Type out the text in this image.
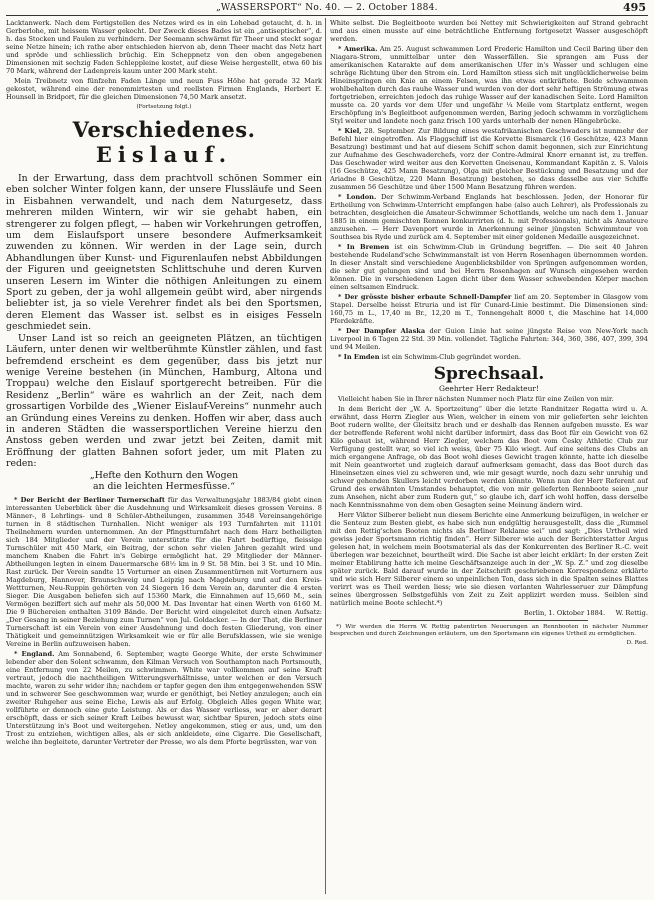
„WASSERSPORT“ No. 40. — 2. October 1884.	495

Lacktanwerk. Nach dem Fertigstellen des Netzes wird es in ein Lohebad getaucht, d. h. in Gerberlohe, mit heissem Wasser gekocht. Der Zweck dieses Bades ist ein „antiseptischer“, d. h. das Stocken und Faulen zu verhindern. Der Seemann schwärmt für Theer und steckt sogar seine Netze hinein; ich rathe aber entschieden hiervon ab, denn Theer macht das Netz hart und spröde und schliesslich brüchig. Ein Scheppnetz von den oben angegebenen Dimensionen mit sechzig Faden Schleppleine kostet, auf diese Weise hergestellt, etwa 60 bis 70 Mark, während der Ladenpreis kaum unter 200 Mark steht.

Mein Treibnetz von fünfzehn Faden Länge und neun Fuss Höhe hat gerade 32 Mark gekostet, während eine der renommirtesten und reellsten Firmen Englands, Herbert E. Hounsell in Bridport, für die gleichen Dimensionen 74,50 Mark ansetzt.

(Fortsetzung folgt.)
Verschiedenes.
Eislauf.

In der Erwartung, dass dem prachtvoll schönen Sommer ein eben solcher Winter folgen kann, der unsere Flussläufe und Seen in Eisbahnen verwandelt, und nach dem Naturgesetz, dass mehreren milden Wintern, wir wir sie gehabt haben, ein strengerer zu folgen pflegt, — haben wir Vorkehrungen getroffen, um dem Eislaufsport unsere besondere Aufmerksamkeit zuwenden zu können. Wir werden in der Lage sein, durch Abhandlungen über Kunst- und Figurenlaufen nebst Abbildungen der Figuren und geeignetsten Schlittschuhe und deren Kurven unseren Lesern im Winter die nöthigen Anleitungen zu einem Sport zu geben, der ja wohl allgemein geübt wird, aber nirgends beliebter ist, ja so viele Verehrer findet als bei den Sportsmen, deren Element das Wasser ist. selbst es in eisiges Fesseln geschmiedet sein.

Unser Land ist so reich an geeigneten Plätzen, an tüchtigen Läufern, unter denen wir weltberühmte Künstler zählen, und fast befremdend erscheint es dem gegenüber, dass bis jetzt nur wenige Vereine bestehen (in München, Hamburg, Altona und Troppau) welche den Eislauf sportgerecht betreiben. Für die Residenz „Berlin“ wäre es wahrlich an der Zeit, nach dem grossartigen Vorbilde des „Wiener Eislauf-Vereins“ nunmehr auch an Gründung eines Vereins zu denken. Hoffen wir aber, dass auch in anderen Städten die wassersportlichen Vereine hierzu den Anstoss geben werden und zwar jetzt bei Zeiten, damit mit Eröffnung der glatten Bahnen sofort jeder, um mit Platen zu reden:

„Hefte den Kothurn den Wogen
an die leichten Hermesfüsse.“

* Der Bericht der Berliner Turnerschaft für das Verwaltungsjahr 1883/84 giebt einen interessanten Ueberblick über die Ausdehnung und Wirksamkeit dieses grossen Vereins. 8 Männer-, 8 Lehrlings- und 8 Schüler-Abtheilungen, zusammen 3548 Vereinsangehörige turnen in 8 städtischen Turnhallen. Nicht weniger als 193 Turnfahrten mit 11101 Theilnehmern wurden unternommen. An der Pfingstturnfahrt nach dem Harz betheiligten sich 184 Mitglieder und der Verein unterstützte für die Fahrt bedürftige, fleissige Turnschüler mit 450 Mark, ein Beitrag, der schon sehr vielen Jahren gezahlt wird und manchem Knaben die Fahrt in's Gebirge ermöglicht hat. 29 Mitglieder der Männer-Abtheilungen legten in einem Dauermarsche 68½ km in 9 St. 58 Min. bei 3 St. und 10 Min. Rast zurück. Der Verein sandte 15 Vorturner an einen Zusammentürnen mit Vorturnern aus Magdeburg, Hannover, Braunschweig und Leipzig nach Magdeburg und auf den Kreis-Wettturnen, Neu-Ruppin gehörten von 24 Siegern 16 dem Verein an, darunter die 4 ersten Sieger. Die Ausgaben beliefen sich auf 15360 Mark, die Einnahmen auf 15,660 M., sein Vermögen beziffert sich auf mehr als 50,000 M. Das Inventar hat einen Werth von 6160 M. Die 9 Büchereien enthalten 3109 Bände. Der Bericht wird eingeleitet durch einen Aufsatz: „Der Gesang in seiner Beziehung zum Turnen“ von Jul. Goldacker. — In der That, die Berliner Turnerschaft ist ein Verein von einer Ausdehnung und doch festen Gliederung, von einer Thätigkeit und gemeinnützigen Wirksamkeit wie er für alle Berufsklassen, wie sie wenige Vereine in Berlin aufzuweisen haben.

* England. Am Sonnabend, 6. September, wagte George White, der erste Schwimmer lebender aber den Solent schwamm, den Kilman Versuch von Southampton nach Portsmouth, eine Entfernung von 22 Meilen, zu schwimmen. White war vollkommen auf seine Kraft vertraut, jedoch die nachtheiligen Witterungsverhältnisse, unter welchen er den Versuch machte, waren zu sehr wider ihn; nachdem er tapfer gegen den ihm entgegenwehenden SSW und in schwerer See geschwommen war, wurde er genöthigt, bei Netley anzulegen; auch ein zweiter Ruhgeher aus seine Eiche, Lewis als auf Erfolg. Obgleich Alles gegen White war, vollführte er dennoch eine gute Leistung. Als er das Wasser verliess, war er aber derart erschöpft, dass er sich seiner Kraft Leibes bewusst war, sichtbar Spuren, jedoch stets eine Unterstützung in's Boot und weitergehen. Netley angekommen, stieg er aus, und, um den Trost zu entziehen, wichtigen alles, als er sich ankleidete, eine Cigarre. Die Gesellschaft, welche ihn begleitete, darunter Vertreter der Presse, wo als dem Pforte begrüssten, war von

White selbst. Die Begleitboote wurden bei Nettey mit Schwierigkeiten auf Strand gebracht und aus einen musste auf eine beträchtliche Entfernung fortgesetzt Wasser ausgeschöpft werden.

* Amerika. Am 25. August schwammen Lord Frederic Hamilton und Cecil Baring über den Niagara-Strom, unmittelbar unter den Wasserfällen. Sie sprangen am Fuss der amerikanischen Katarakte auf dem amerikanischen Ufer in's Wasser und schlugen eine schräge Richtung über den Strom ein. Lord Hamilton stiess sich mit unglücklicherweise beim Hineinspringen ein Knie an einem Felsen, was ihn etwas entkräftete. Beide schwammen wohlbehalten durch das rauhe Wasser und wurden von der dort sehr heftigen Strömung etwas fortgetrieben, erreichten jedoch das ruhige Wasser auf der kanadischen Seite. Lord Hamilton musste ca. 20 yards vor dem Ufer und ungefähr ¼ Meile vom Startplatz entfernt, wegen Erschöpfung in's Begleitboot aufgenommen werden, Baring jedoch schwamm in vorzüglichem Styl weiter und landete noch ganz frisch 100 yards unterhalb der nenen Hängebrücke.

* Kiel, 28. September. Zur Bildung eines westafrikanischen Geschwaders ist nunmehr der Befehl hier eingetroffen. Als Flaggschiff ist die Korvette Bismarck (16 Geschütze, 423 Mann Besatzung) bestimmt und hat auf diesem Schiff schon damit begonnen, sich zur Einrichtung zur Aufnahme des Geschwaderchefs, vorz der Contre-Admiral Knorr ernannt ist, zu treffen. Das Geschwader wird weiter aus den Korvetten Gneisenau, Kommandant Kapitän z. S. Valois (16 Geschütze, 425 Mann Besatzung), Olga mit gleicher Bestückung und Besatzung und der Ariadne 8 Geschütze, 220 Mann Besatzung) bestehen, so dass dasselbe aus vier Schiffe zusammen 56 Geschütze und über 1500 Mann Besatzung führen werden.

* London. Der Schwimm-Verband Englands hat beschlossen. Jeden, der Honorar für Ertheilung von Schwimm-Unterricht empfangen habe (also auch Lehrer), als Professionals zu betrachten, desgleichen die Amateur-Schwimmer Schottlands, welche um nach dem 1. Januar 1885 in einem gemischten Rennen konkurrirten (d. h. mit Professionals), nicht als Amateure anzusehen. — Herr Davenport wurde in Anerkennung seiner jüngsten Schwimmtour von Southsea bis Ryde und zurück am 4. September mit einer goldenen Medaille ausgezeichnet.

* In Bremen ist ein Schwimm-Club in Gründung begriffen. — Die seit 40 Jahren bestehende Rudeland'sche Schwimmanstalt ist von Herrn Rosenhagen übernommen worden. In dieser Anstalt sind verschiedene Augenblicksbilder von Sprüngen aufgenommen worden, die sehr gut gelungen sind und bei Herrn Rosenhagen auf Wunsch eingesehen werden können. Die in verschiedenen Lagen dicht über dem Wasser schwebenden Körper machen einen seltsamen Eindruck.

* Der grösste bisher erbaute Schnell-Dampfer lief am 20. September in Glasgow vom Stapel. Derselbe heisst Etruria und ist für Cunard-Linie bestimmt. Die Dimensionen sind: 160,75 m L., 17,40 m Br., 12,20 m T., Tonnengehalt 8000 t, die Maschine hat 14,000 Pferdekräfte.

* Der Dampfer Alaska der Guion Linie hat seine jüngste Reise von New-York nach Liverpool in 6 Tagen 22 Std. 39 Min. vollendet. Tägliche Fahrten: 344, 360, 386, 407, 399, 394 und 94 Meilen.

* In Emden ist ein Schwimm-Club gegründet worden.

Sprechsaal.
Geehrter Herr Redakteur!

Vielleicht haben Sie in Ihrer nächsten Nummer noch Platz für eine Zeilen von mir.

In dem Bericht der „W. A. Sportzeitung“ über die letzte Randnitzer Regatta wird u. A. erwähnt, dass Herrn Ziegler aus Wien, welcher in einem von mir gelieferten sehr leichten Boot rudern wollte, der Gleitsitz brach und er deshalb das Rennen aufgeben musste. Es war der betreffende Referent wohl nicht darüber informirt, dass das Boot für ein Gewicht von 62 Kilo gebaut ist, während Herr Ziegler, welchem das Boot vom Česky Athletic Club zur Verfügung gestellt war, so viel ich weiss, über 75 Kilo wiegt. Auf eine seitens des Clubs an mich ergangene Anfrage, ob das Boot wohl dieses Gewicht tragen könnte, hatte ich dieselbe mit Nein geantwortet und zugleich darauf aufmerksam gemacht, dass das Boot durch das Hineinsetzen eines viel zu schweren und, wie mir gesagt wurde, noch dazu sehr unruhig und schwer gehenden Skullers leicht verdorben werden könnte. Wenn nun der Herr Referent auf Grund des erwähnten Umstandes behauptet, die von mir gelieferten Rennboote seien „nur zum Ansehen, nicht aber zum Rudern gut,“ so glaube ich, darf ich wohl hoffen, dass derselbe nach Kenntnissnahme von dem oben Gesagten seine Meinung ändern wird.

Herr Viktor Silberer beliebt nun diesem Berichte eine Anmerkung beizufügen, in welcher er die Senteuz zum Besten giebt, es habe sich nun endgültig herausgestellt, dass die „Rummel mit den Rettig'schen Booten nichts als Berliner Reklame sei“ und sagt: „Dies Urtheil wird gewiss jeder Sportsmann richtig finden“. Herr Silberer wie auch der Berichterstatter Argus gelesen hat, in welchem mein Bootsmaterial als das der Konkurrenten des Berliner R.-C. weit überlegen war bezeichnet, beurtheilt wird. Die Sache ist aber leicht erklärt: In der ersten Zeit meiner Etablirung hatte ich meine Geschäftsanzeige auch in der „W. Sp. Z.“ und zog dieselbe später zurück. Bald darauf wurde in der Zeitschrift geschriebenen Korrespondenz erklärte und wie sich Herr Silberer einem so unpeinlichen Ton, dass sich in die Spalten seines Blattes verirrt was es Theil werden liess; wie sie diesen vorlanten Wahrlesseruer zur Dämpfung seines übergrossen Selbstgefühls von Zeit zu Zeit applizirt werden muss. Seiblen sind natürlich meine Boote schlecht.*)

Berlin, 1. Oktober 1884. W. Rettig.

*) Wir werden die Herrn W. Rettig patentirten Neuerungen an Rennbooten in nächster Nummer besprechen und durch Zeichnungen erläutern, um den Sportsmann ein eigenes Urtheil zu ermöglichen.

D. Red.
